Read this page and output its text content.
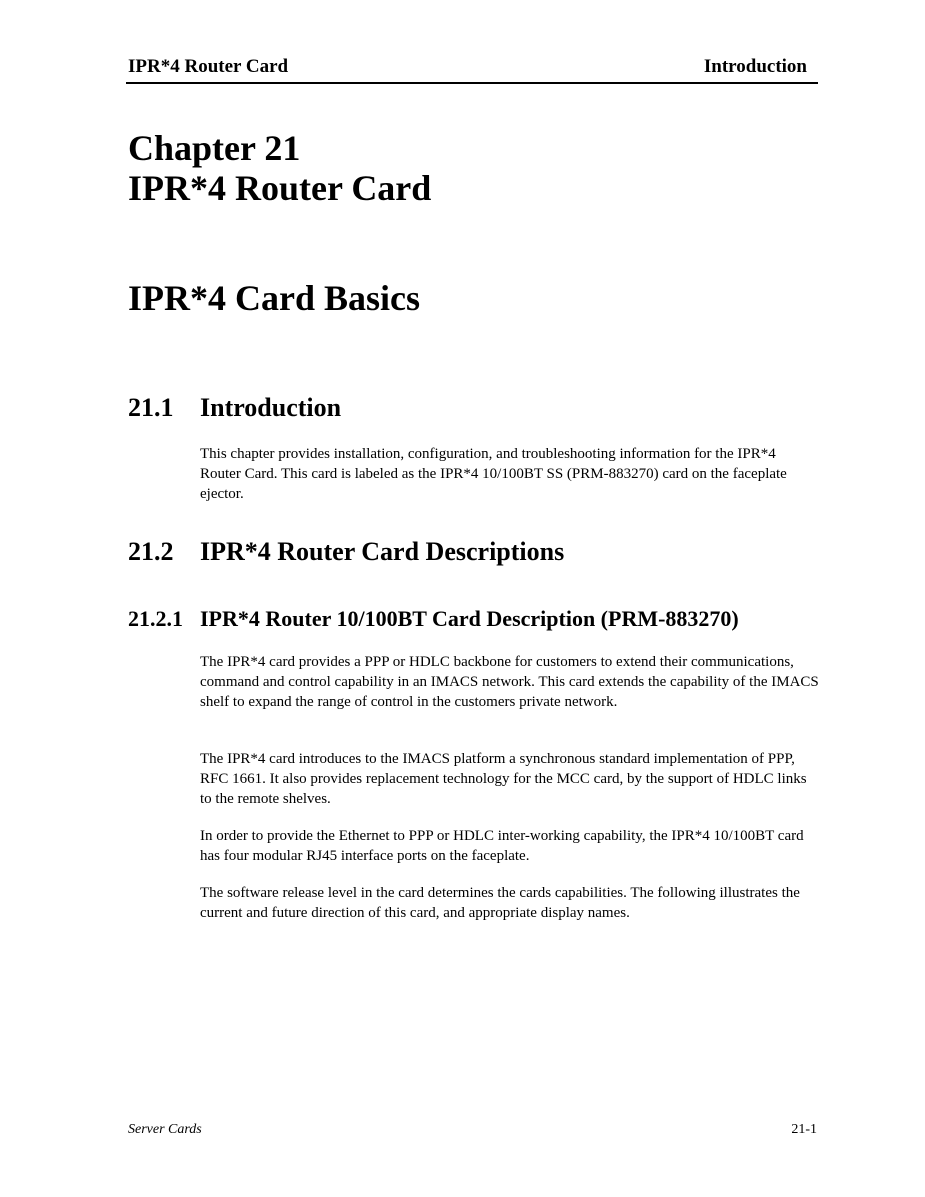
IPR*4 Router Card	Introduction
Chapter 21
IPR*4 Router Card
IPR*4 Card Basics
21.1 Introduction

This chapter provides installation, configuration, and troubleshooting information for the IPR*4 Router Card. This card is labeled as the IPR*4 10/100BT SS (PRM-883270) card on the faceplate ejector.

21.2 IPR*4 Router Card Descriptions
21.2.1 IPR*4 Router 10/100BT Card Description (PRM-883270)

The IPR*4 card provides a PPP or HDLC backbone for customers to extend their communications, command and control capability in an IMACS network. This card extends the capability of the IMACS shelf to expand the range of control in the customers private network.

The IPR*4 card introduces to the IMACS platform a synchronous standard implementation of PPP, RFC 1661. It also provides replacement technology for the MCC card, by the support of HDLC links to the remote shelves.

In order to provide the Ethernet to PPP or HDLC inter-working capability, the IPR*4 10/100BT card has four modular RJ45 interface ports on the faceplate.

The software release level in the card determines the cards capabilities. The following illustrates the current and future direction of this card, and appropriate display names.

Server Cards	21-1
